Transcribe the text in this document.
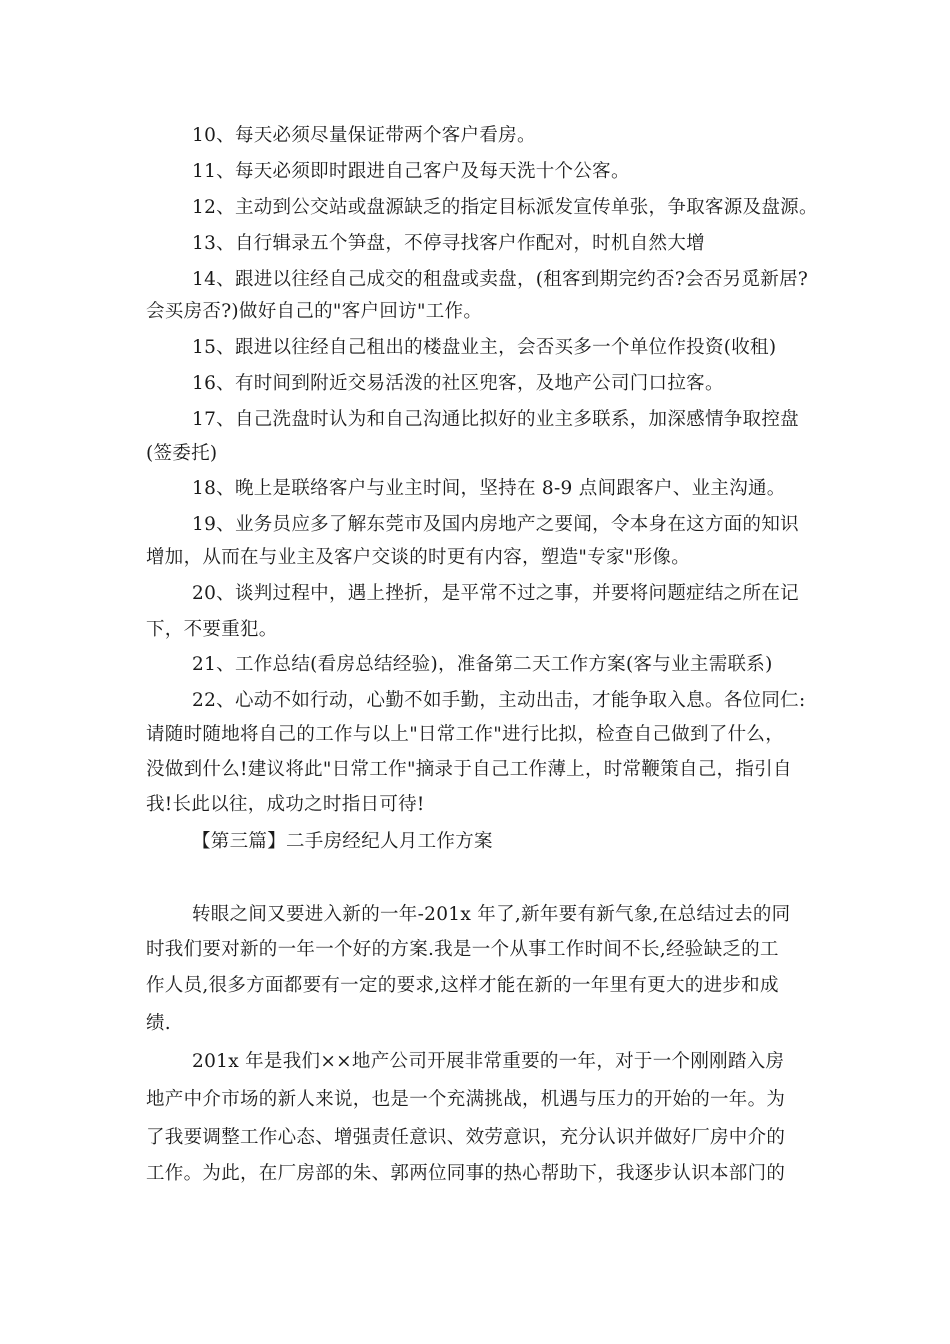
10、每天必须尽量保证带两个客户看房。
11、每天必须即时跟进自己客户及每天洗十个公客。
12、主动到公交站或盘源缺乏的指定目标派发宣传单张，争取客源及盘源。
13、自行辑录五个笋盘，不停寻找客户作配对，时机自然大增
14、跟进以往经自己成交的租盘或卖盘，(租客到期完约否?会否另觅新居?
会买房否?)做好自己的"客户回访"工作。
15、跟进以往经自己租出的楼盘业主，会否买多一个单位作投资(收租)
16、有时间到附近交易活泼的社区兜客，及地产公司门口拉客。
17、自己洗盘时认为和自己沟通比拟好的业主多联系，加深感情争取控盘
(签委托)
18、晚上是联络客户与业主时间，坚持在 8-9 点间跟客户、业主沟通。
19、业务员应多了解东莞市及国内房地产之要闻，令本身在这方面的知识
增加，从而在与业主及客户交谈的时更有内容，塑造"专家"形像。
20、谈判过程中，遇上挫折，是平常不过之事，并要将问题症结之所在记
下，不要重犯。
21、工作总结(看房总结经验)，准备第二天工作方案(客与业主需联系)
22、心动不如行动，心勤不如手勤，主动出击，才能争取入息。各位同仁:
请随时随地将自己的工作与以上"日常工作"进行比拟，检查自己做到了什么，
没做到什么!建议将此"日常工作"摘录于自己工作薄上，时常鞭策自己，指引自
我!长此以往，成功之时指日可待!
【第三篇】二手房经纪人月工作方案
转眼之间又要进入新的一年-201x 年了,新年要有新气象,在总结过去的同
时我们要对新的一年一个好的方案.我是一个从事工作时间不长,经验缺乏的工
作人员,很多方面都要有一定的要求,这样才能在新的一年里有更大的进步和成
绩.
201x 年是我们××地产公司开展非常重要的一年，对于一个刚刚踏入房
地产中介市场的新人来说，也是一个充满挑战，机遇与压力的开始的一年。为
了我要调整工作心态、增强责任意识、效劳意识，充分认识并做好厂房中介的
工作。为此，在厂房部的朱、郭两位同事的热心帮助下，我逐步认识本部门的
